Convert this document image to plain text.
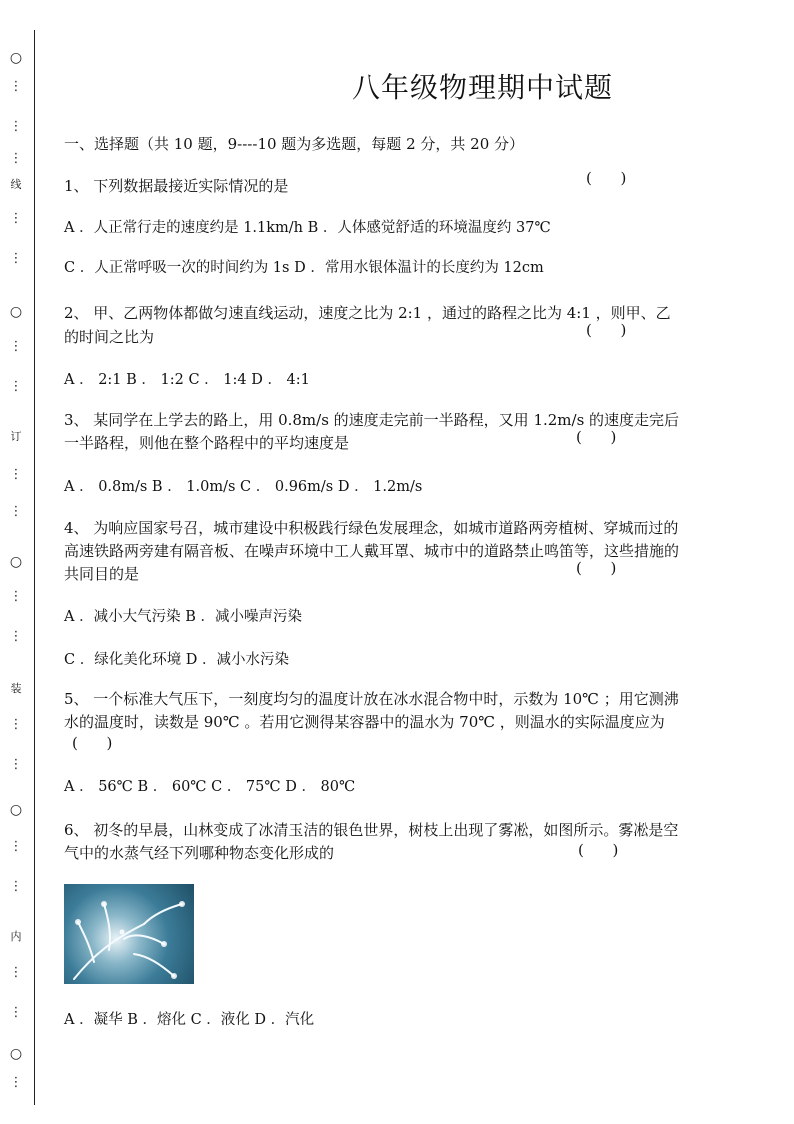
○
⋮
⋮
⋮
线
⋮
⋮
○
⋮
⋮
订
⋮
⋮
○
⋮
⋮
装
⋮
⋮
○
⋮
⋮
内
⋮
⋮
○
⋮
八年级物理期中试题
一、选择题（共 10 题，9----10 题为多选题，每题 2 分，共 20 分）
1、 下列数据最接近实际情况的是	(      )
A ．人正常行走的速度约是 1.1km/h B ．人体感觉舒适的环境温度约 37℃
C ．人正常呼吸一次的时间约为 1s D ．常用水银体温计的长度约为 12cm
2、 甲、乙两物体都做匀速直线运动，速度之比为 2:1 ，通过的路程之比为 4:1 ，则甲、乙
的时间之比为	(      )
A ． 2:1 B ． 1:2 C ． 1:4 D ． 4:1
3、 某同学在上学去的路上，用 0.8m/s 的速度走完前一半路程，又用 1.2m/s 的速度走完后
一半路程，则他在整个路程中的平均速度是	(      )
A ． 0.8m/s B ． 1.0m/s C ． 0.96m/s D ． 1.2m/s
4、 为响应国家号召，城市建设中积极践行绿色发展理念，如城市道路两旁植树、穿城而过的
高速铁路两旁建有隔音板、在噪声环境中工人戴耳罩、城市中的道路禁止鸣笛等，这些措施的
共同目的是	(      )
A ．减小大气污染 B ．减小噪声污染
C ．绿化美化环境 D ．减小水污染
5、 一个标准大气压下，一刻度均匀的温度计放在冰水混合物中时，示数为 10℃ ；用它测沸
水的温度时，读数是 90℃ 。若用它测得某容器中的温水为 70℃ ，则温水的实际温度应为
(      )
A ． 56℃ B ． 60℃ C ． 75℃ D ． 80℃
6、 初冬的早晨，山林变成了冰清玉洁的银色世界，树枝上出现了雾凇，如图所示。雾凇是空
气中的水蒸气经下列哪种物态变化形成的	(      )
A ．凝华 B ．熔化 C ．液化 D ．汽化
